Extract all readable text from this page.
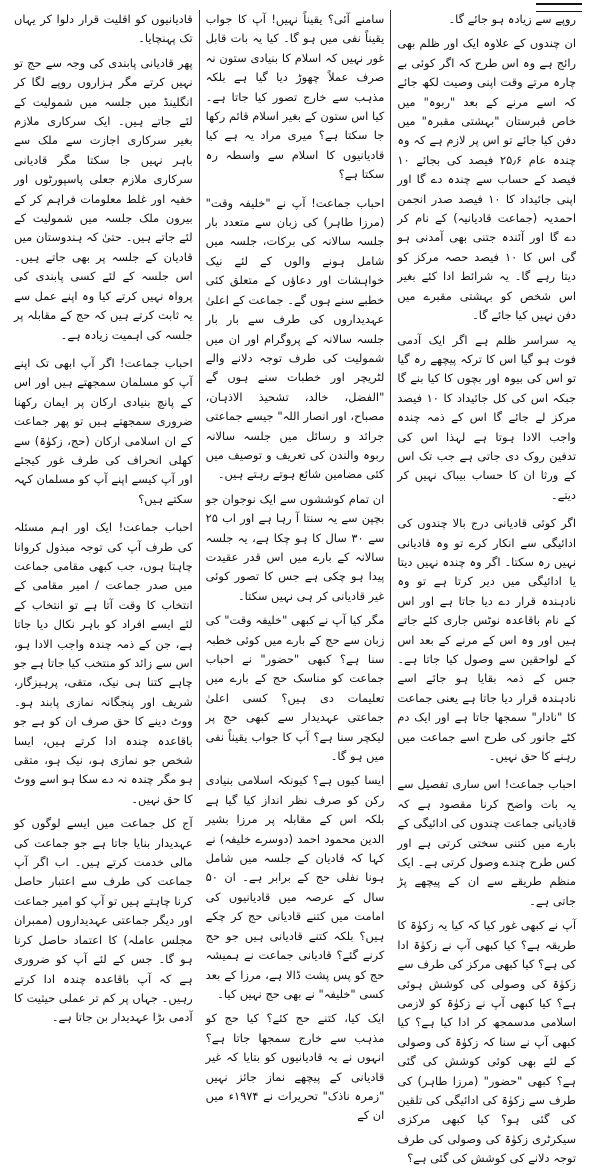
روپے سے زیادہ ہو جائے گا۔

ان چندوں کے علاوہ ایک اور ظلم بھی رائج ہے وہ اس طرح کہ اگر کوئی بے چارہ مرتے وقت اپنی وصیت لکھ جائے کہ اسے مرنے کے بعد "ربوہ" میں خاص قبرستان "بہشتی مقبرہ" میں دفن کیا جائے تو اس پر لازم ہے کہ وہ چندہ عام ۲۵٫۶ فیصد کی بجائے ۱۰ فیصد کے حساب سے چندہ دے گا اور اپنی جائیداد کا ۱۰ فیصد صدر انجمن احمدیہ (جماعت قادیانیہ) کے نام کر دے گا اور آئندہ جتنی بھی آمدنی ہو گی اس کا ۱۰ فیصد حصہ مرکز کو دیتا رہے گا۔ یہ شرائط ادا کئے بغیر اس شخص کو بہشتی مقبرے میں دفن نہیں کیا جائے گا۔

یہ سراسر ظلم ہے اگر ایک آدمی فوت ہو گیا اس کا ترکہ پیچھے رہ گیا تو اس کی بیوہ اور بچوں کا کیا بنے گا جبکہ اس کی کل جائیداد کا ۱۰ فیصد مرکز لے جائے گا اس کے ذمہ چندہ واجب الادا ہوتا ہے لہذا اس کی تدفین روک دی جاتی ہے جب تک اس کے ورثا ان کا حساب بیباک نہیں کر دیتے۔

اگر کوئی قادیانی درج بالا چندوں کی ادائیگی سے انکار کرے تو وہ قادیانی نہیں رہ سکتا۔ اگر وہ چندہ نہیں دیتا یا ادائیگی میں دیر کرتا ہے تو وہ نادہندہ قرار دے دیا جاتا ہے اور اس کے نام باقاعدہ نوٹس جاری کئے جاتے ہیں اور وہ اس کے مرنے کے بعد اس کے لواحقین سے وصول کیا جاتا ہے۔ جس کے ذمہ بقایا ہو جائے اسے نادہندہ قرار دیا جاتا ہے یعنی جماعت کا "نادار" سمجھا جاتا ہے اور ایک دم کٹے جانور کی طرح اسے جماعت میں رہنے کا حق نہیں۔

احباب جماعت! اس ساری تفصیل سے یہ بات واضح کرنا مقصود ہے کہ قادیانی جماعت چندوں کی ادائیگی کے بارے میں کتنی سختی کرتی ہے اور کس طرح چندے وصول کرتی ہے۔ ایک منظم طریقے سے ان کے پیچھے پڑ جاتی ہے۔

آپ نے کبھی غور کیا کہ کیا یہ زکوٰۃ کا طریقہ ہے؟ کیا کبھی آپ نے زکوٰۃ ادا کی ہے؟ کیا کبھی مرکز کی طرف سے زکوٰۃ کی وصولی کی کوشش ہوئی ہے؟ کیا کبھی آپ نے زکوٰۃ کو لازمی اسلامی مدسمجھ کر ادا کیا ہے؟ کیا کبھی آپ نے سنا کہ زکوٰۃ کی وصولی کے لئے بھی کوئی کوشش کی گئی ہے؟ کبھی "حضور" (مرزا طاہر) کی طرف سے زکوٰۃ کی ادائیگی کی تلقین کی گئی ہو؟ کیا کبھی مرکزی سیکرٹری زکوٰۃ کی وصولی کی طرف توجہ دلانے کی کوشش کی گئی ہے؟

سامنے آئی؟ یقیناً نہیں! آپ کا جواب یقیناً نفی میں ہو گا۔ کیا یہ بات قابل غور نہیں کہ اسلام کا بنیادی ستون نہ صرف عملاً چھوڑ دیا گیا ہے بلکہ مذہب سے خارج تصور کیا جاتا ہے۔ کیا اس ستون کے بغیر اسلام قائم رکھا جا سکتا ہے؟ میری مراد یہ ہے کیا قادیانیوں کا اسلام سے واسطہ رہ سکتا ہے؟

احباب جماعت! آپ نے "خلیفہ وقت" (مرزا طاہر) کی زبان سے متعدد بار جلسہ سالانہ کی برکات، جلسہ میں شامل ہونے والوں کے لئے نیک خواہشات اور دعاؤں کے متعلق کئی خطبے سنے ہوں گے۔ جماعت کے اعلیٰ عہدیداروں کی طرف سے بار بار جلسہ سالانہ کے پروگرام اور ان میں شمولیت کی طرف توجہ دلانے والے لٹریچر اور خطبات سنے ہوں گے "الفضل، خالد، تشحیذ الاذہان، مصباح، اور انصار اللہ" جیسے جماعتی جرائد و رسائل میں جلسہ سالانہ ربوہ والندن کی تعریف و توصیف میں کئی مضامین شائع ہوتے رہتے ہیں۔

ان تمام کوششوں سے ایک نوجوان جو بچپن سے یہ سنتا آ رہا ہے اور اب ۲۵ سے ۳۰ سال کا ہو چکا ہے، یہ جلسہ سالانہ کے بارے میں اس قدر عقیدت پیدا ہو چکی ہے جس کا تصور کوئی غیر قادیانی کر ہی نہیں سکتا۔

مگر کیا آپ نے کبھی "خلیفہ وقت" کی زبان سے حج کے بارے میں کوئی خطبہ سنا ہے؟ کبھی "حضور" نے احباب جماعت کو مناسک حج کے بارے میں تعلیمات دی ہیں؟ کسی اعلیٰ جماعتی عہدیدار سے کبھی حج پر لیکچر سنا ہے؟ آپ کا جواب یقیناً نفی میں ہو گا۔

ایسا کیوں ہے؟ کیونکہ اسلامی بنیادی رکن کو صرف نظر انداز کیا گیا ہے بلکہ اس کے مقابلہ پر مرزا بشیر الدین محمود احمد (دوسرے خلیفہ) نے کہا کہ قادیان کے جلسہ میں شامل ہونا نفلی حج کے برابر ہے۔ ان ۵۰ سال کے عرصہ میں قادیانیوں کی امامت میں کتنے قادیانی حج کر چکے ہیں؟ بلکہ کتنے قادیانی ہیں جو حج کرنے گئے؟ قادیانی جماعت نے ہمیشہ حج کو پس پشت ڈالا ہے، مرزا کے بعد کسی "خلیفہ" نے بھی حج نہیں کیا۔

ایک کیا، کتنے حج کئے؟ کیا حج کو مذہب سے خارج سمجھا جاتا ہے؟ انہوں نے یہ قادیانیوں کو بتایا کہ غیر قادیانی کے پیچھے نماز جائز نہیں "زمرہ ناذک" تحریرات نے ۱۹۷۴ء میں ان کے

قادیانیوں کو اقلیت قرار دلوا کر یہاں تک پہنچایا۔

پھر قادیانی پابندی کی وجہ سے حج تو نہیں کرتے مگر ہزاروں روپے لگا کر انگلینڈ میں جلسہ میں شمولیت کے لئے جاتے ہیں۔ ایک سرکاری ملازم بغیر سرکاری اجازت سے ملک سے باہر نہیں جا سکتا مگر قادیانی سرکاری ملازم جعلی پاسپورٹوں اور خفیہ اور غلط معلومات فراہم کر کے بیرون ملک جلسہ میں شمولیت کے لئے جاتے ہیں۔ حتیٰ کہ ہندوستان میں قادیان کے جلسہ پر بھی جاتے ہیں۔ اس جلسہ کے لئے کسی پابندی کی پرواہ نہیں کرتے کیا وہ اپنے عمل سے یہ ثابت کرتے ہیں کہ حج کے مقابلہ پر جلسہ کی اہمیت زیادہ ہے۔

احباب جماعت! اگر آپ ابھی تک اپنے آپ کو مسلمان سمجھتے ہیں اور اس کے پانچ بنیادی ارکان پر ایمان رکھنا ضروری سمجھتے ہیں تو پھر جماعت کے ان اسلامی ارکان (حج، زکوٰۃ) سے کھلی انحراف کی طرف غور کیجئے اور آپ کیسے اپنے آپ کو مسلمان کہہ سکتے ہیں؟

احباب جماعت! ایک اور اہم مسئلہ کی طرف آپ کی توجہ مبذول کروانا چاہتا ہوں، جب کبھی مقامی جماعت میں صدر جماعت / امیر مقامی کے انتخاب کا وقت آتا ہے تو انتخاب کے لئے ایسے افراد کو باہر نکال دیا جاتا ہے، جن کے ذمہ چندہ واجب الادا ہو، اس سے زائد کو منتخب کیا جاتا ہے جو چاہے کتنا ہی نیک، متقی، پرہیزگار، شریف اور پنجگانہ نمازی پابند ہو۔ ووٹ دینے کا حق صرف ان کو ہے جو باقاعدہ چندہ ادا کرتے ہیں، ایسا شخص جو نمازی ہو، نیک ہو، متقی ہو مگر چندہ نہ دے سکا ہو اسے ووٹ کا حق نہیں۔

آج کل جماعت میں ایسے لوگوں کو عہدیدار بنایا جاتا ہے جو جماعت کی مالی خدمت کرتے ہیں۔ اب اگر آپ جماعت کی طرف سے اعتبار حاصل کرنا چاہتے ہیں تو آپ کو امیر جماعت اور دیگر جماعتی عہدیداروں (ممبران مجلس عاملہ) کا اعتماد حاصل کرنا ہو گا۔ جس کے لئے آپ کو ضروری ہے کہ آپ باقاعدہ چندہ ادا کرتے رہیں۔ جہاں پر کم تر عملی حیثیت کا آدمی بڑا عہدیدار بن جاتا ہے۔
